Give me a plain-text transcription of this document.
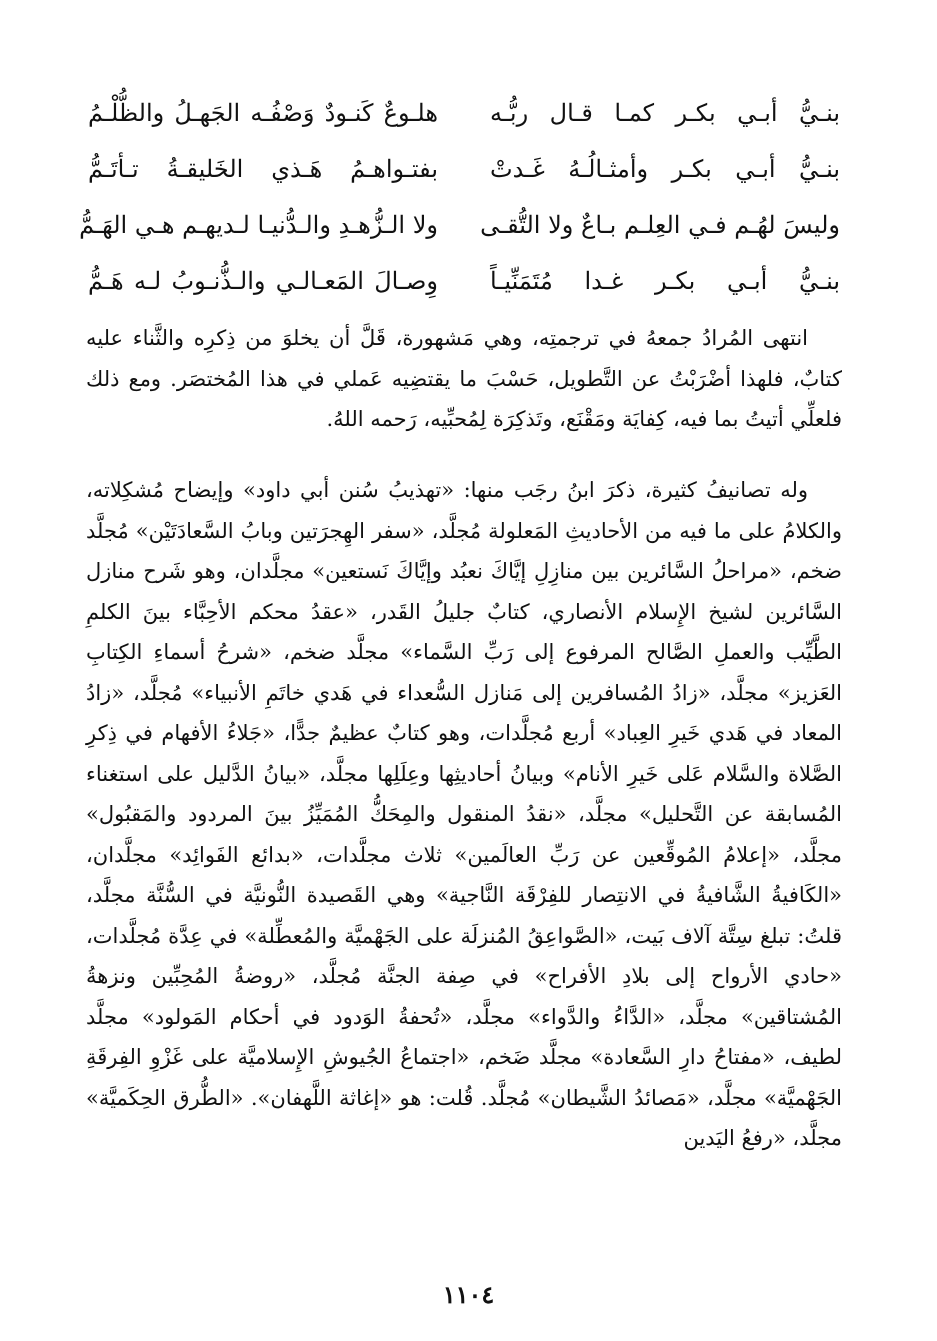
بنـيُّ أبـي بكـر كمـا قـال ربُّـه
هلـوعٌ كَنـودٌ وَصْفُـه الجَهـلُ والظُّلْـمُ
بنـيُّ أبـي بكـر وأمثـالُـهُ غَـدتْ
بفتـواهـمُ هَـذي الخَليقـةُ تـأتَـمُّ
وليسَ لهُـم فـي العِلـم بـاعٌ ولا التُّقـى
ولا الـزُّهـدِ والـدُّنيـا لـديهـم هـي الهَـمُّ
بنـيُّ أبـي بكـر غـدا مُتَمَنِّيـاً
وِصـالَ المَعـالـي والـذُّنـوبُ لـه هَـمُّ

انتهى المُرادُ جمعهُ في ترجمتِه، وهي مَشهورة، قَلَّ أن يخلوَ من ذِكرِه والثَّناء عليه كتابٌ، فلهذا أضْرَبْتُ عن التَّطويل، حَسْبَ ما يقتضِيه عَملي في هذا المُختصَر. ومع ذلك فلعلِّي أتيتُ بما فيه، كِفايَة ومَقْنَع، وتَذكِرَة لِمُحبِّيه، رَحمه اللهُ.

وله تصانيفُ كثيرة، ذكرَ ابنُ رجَب منها: «تهذيبُ سُنن أبي داود» وإيضاح مُشكِلاته، والكلامُ على ما فيه من الأحاديثِ المَعلولة مُجلَّد، «سفر الهِجرَتين وبابُ السَّعادَتَيْن» مُجلَّد ضخم، «مراحلُ السَّائرين بين منازِلِ إيَّاكَ نعبُد وإيَّاكَ نَستعين» مجلَّدان، وهو شَرح منازل السَّائرين لشيخ الإِسلام الأنصاري، كتابٌ جليلُ القَدر، «عقدُ محكم الأحِبَّاء بينَ الكلمِ الطَّيِّب والعملِ الصَّالح المرفوع إلى رَبِّ السَّماء» مجلَّد ضخم، «شرحُ أسماءِ الكِتابِ العَزيز» مجلَّد، «زادُ المُسافرين إلى مَنازل السُّعداء في هَدي خاتَمِ الأنبياء» مُجلَّد، «زادُ المعاد في هَدي خَيرِ العِباد» أربع مُجلَّدات، وهو كتابٌ عظيمٌ جدًّا، «جَلاءُ الأفهام في ذِكرِ الصَّلاة والسَّلام عَلى خَيرِ الأنام» وبيانُ أحاديثِها وعِلَلِها مجلَّد، «بيانُ الدَّليل على استغناء المُسابقة عن التَّحليل» مجلَّد، «نقدُ المنقول والمِحَكُّ المُمَيِّزُ بينَ المردود والمَقبُول» مجلَّد، «إعلامُ المُوقِّعين عن رَبِّ العالَمين» ثلاث مجلَّدات، «بدائع الفَوائِد» مجلَّدان، «الكَافيةُ الشَّافيةُ في الانتِصار للفِرْقَة النَّاجية» وهي القَصيدة النُّونيَّة في السُّنَّة مجلَّد، قلتُ: تبلغ سِتَّة آلاف بَيت، «الصَّواعِقُ المُنزلَة على الجَهْميَّة والمُعطِّلة» في عِدَّة مُجلَّدات، «حادي الأرواح إلى بلادِ الأفراح» في صِفة الجنَّة مُجلَّد، «روضةُ المُحِبِّين ونزهةُ المُشتاقين» مجلَّد، «الدَّاءُ والدَّواء» مجلَّد، «تُحفةُ الوَدود في أحكام المَولود» مجلَّد لطيف، «مفتاحُ دارِ السَّعادة» مجلَّد ضَخم، «اجتماعُ الجُيوشِ الإِسلاميَّة على غَزْوِ الفِرقَةِ الجَهْميَّة» مجلَّد، «مَصائدُ الشَّيطان» مُجلَّد. قُلت: هو «إغاثة اللَّهفان». «الطُّرق الحِكَميَّة» مجلَّد، «رفعُ اليَدين

١١٠٤
